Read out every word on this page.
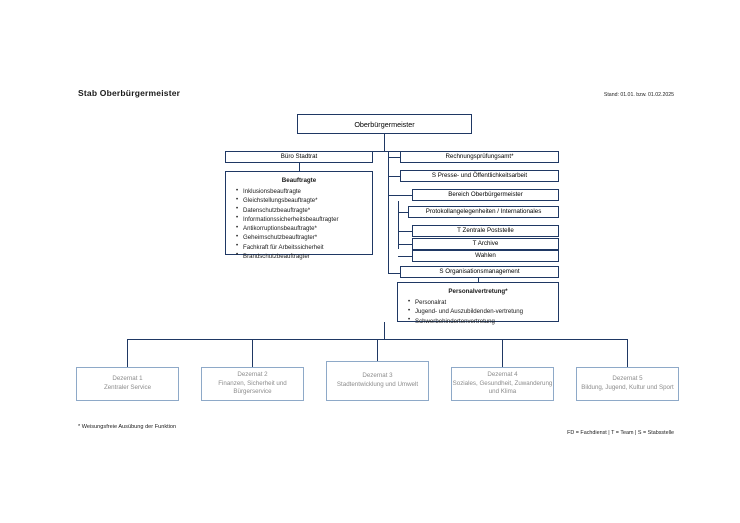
Stab Oberbürgermeister	Stand: 01.01. bzw. 01.02.2025
Oberbürgermeister
Büro Stadtrat
Beauftragte
• Inklusionsbeauftragte
• Gleichstellungsbeauftragte*
• Datenschutzbeauftragte*
• Informationssicherheitsbeauftragter
• Antikorruptionsbeauftragte*
• Geheimschutzbeauftragter*
• Fachkraft für Arbeitssicherheit
• Brandschutzbeauftragter
Rechnungsprüfungsamt*
S Presse- und Öffentlichkeitsarbeit
Bereich Oberbürgermeister
Protokollangelegenheiten / Internationales
T Zentrale Poststelle
T Archive
Wahlen
S Organisationsmanagement
Personalvertretung*
• Personalrat
• Jugend- und Auszubildenden-vertretung
• Schwerbehindertenvertretung
Dezernat 1
Zentraler Service
Dezernat 2
Finanzen, Sicherheit und Bürgerservice
Dezernat 3
Stadtentwicklung und Umwelt
Dezernat 4
Soziales, Gesundheit, Zuwanderung und Klima
Dezernat 5
Bildung, Jugend, Kultur und Sport
* Weisungsfreie Ausübung der Funktion
FD = Fachdienst | T = Team | S = Stabsstelle
